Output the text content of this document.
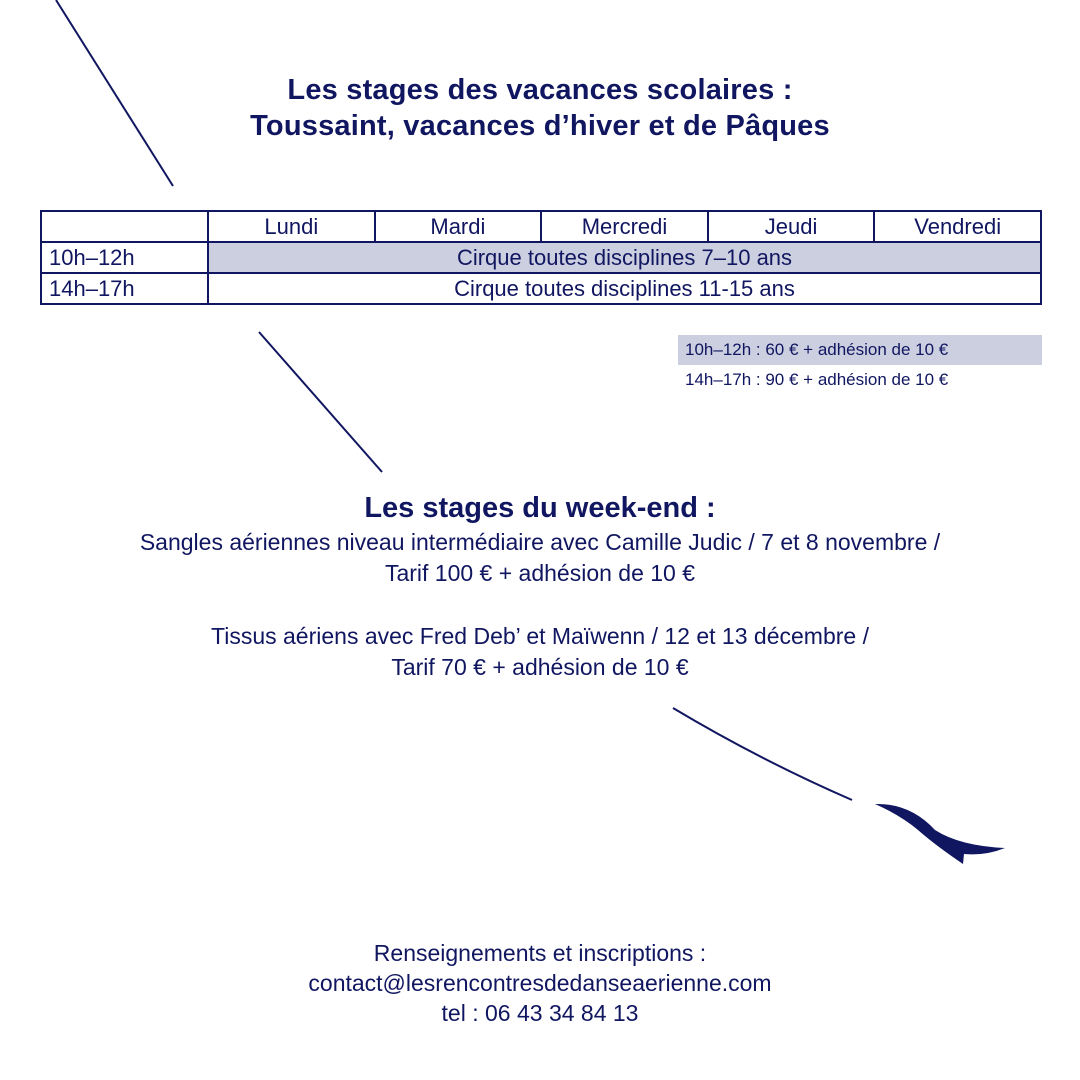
Les stages des vacances scolaires :
Toussaint, vacances d’hiver et de Pâques
	Lundi	Mardi	Mercredi	Jeudi	Vendredi
10h–12h	Cirque toutes disciplines 7–10 ans				
14h–17h	Cirque toutes disciplines 11-15 ans				
10h–12h : 60 € + adhésion de 10 €
14h–17h : 90 € + adhésion de 10 €
Les stages du week-end :
Sangles aériennes niveau intermédiaire avec Camille Judic / 7 et 8 novembre /
Tarif 100 € + adhésion de 10 €
Tissus aériens avec Fred Deb’ et Maïwenn / 12 et 13 décembre /
Tarif 70 € + adhésion de 10 €
Renseignements et inscriptions :
contact@lesrencontresdedanseaerienne.com
tel : 06 43 34 84 13
